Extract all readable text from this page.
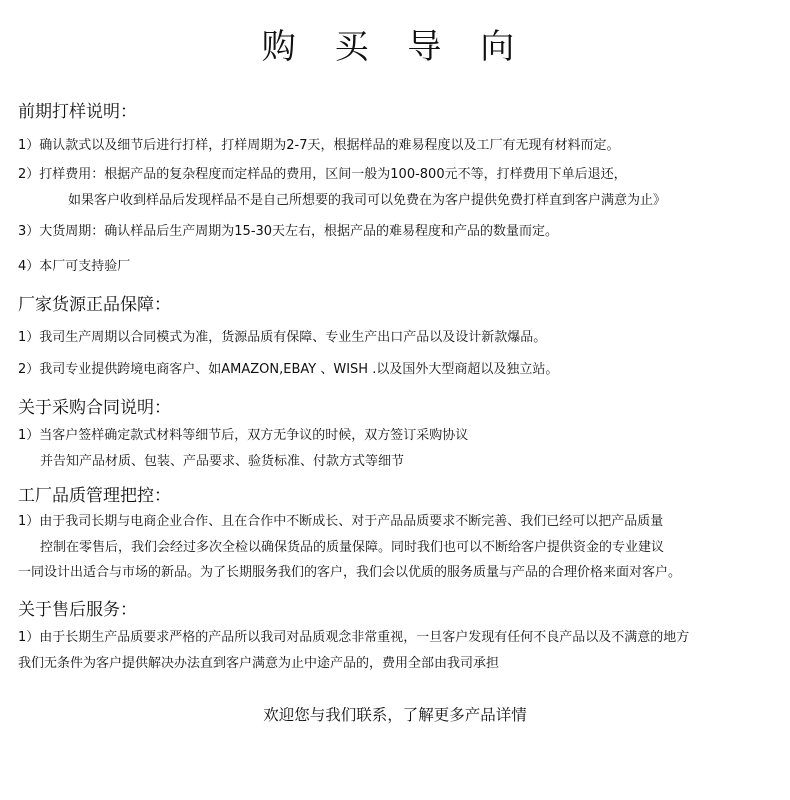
购 买 导 向
前期打样说明：
1）确认款式以及细节后进行打样，打样周期为2-7天，根据样品的难易程度以及工厂有无现有材料而定。
2）打样费用：根据产品的复杂程度而定样品的费用，区间一般为100-800元不等，打样费用下单后退还，
如果客户收到样品后发现样品不是自己所想要的我司可以免费在为客户提供免费打样直到客户满意为止》
3）大货周期：确认样品后生产周期为15-30天左右，根据产品的难易程度和产品的数量而定。
4）本厂可支持验厂
厂家货源正品保障：
1）我司生产周期以合同模式为准，货源品质有保障、专业生产出口产品以及设计新款爆品。
2）我司专业提供跨境电商客户、如AMAZON,EBAY 、WISH .以及国外大型商超以及独立站。
关于采购合同说明：
1）当客户签样确定款式材料等细节后，双方无争议的时候，双方签订采购协议
并告知产品材质、包装、产品要求、验货标准、付款方式等细节
工厂品质管理把控：
1）由于我司长期与电商企业合作、且在合作中不断成长、对于产品品质要求不断完善、我们已经可以把产品质量
控制在零售后，我们会经过多次全检以确保货品的质量保障。同时我们也可以不断给客户提供资金的专业建议
一同设计出适合与市场的新品。为了长期服务我们的客户，我们会以优质的服务质量与产品的合理价格来面对客户。
关于售后服务：
1）由于长期生产品质要求严格的产品所以我司对品质观念非常重视，一旦客户发现有任何不良产品以及不满意的地方
我们无条件为客户提供解决办法直到客户满意为止中途产品的，费用全部由我司承担
欢迎您与我们联系，了解更多产品详情
